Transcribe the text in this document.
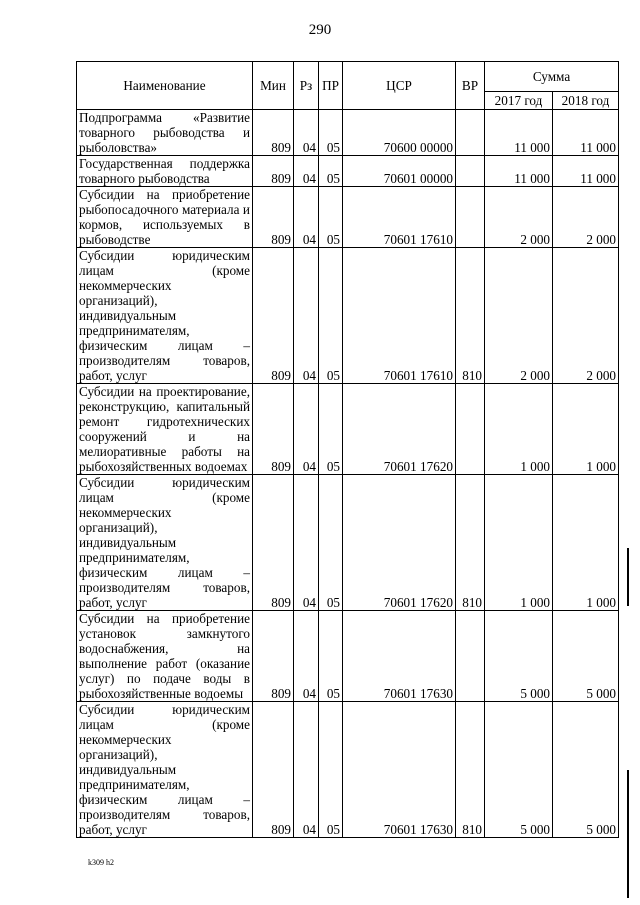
290
Наименование	Мин	Рз	ПР	ЦСР	ВР	Сумма	
						2017 год	2018 год
Подпрограмма «Развитие товарного рыбоводства и рыболовства»	809	04	05	70600 00000		11 000	11 000
Государственная поддержка товарного рыбоводства	809	04	05	70601 00000		11 000	11 000
Субсидии на приобретение рыбопосадочного материала и кормов, используемых в рыбоводстве	809	04	05	70601 17610		2 000	2 000
Субсидии юридическим лицам (кроме некоммерческих организаций), индивидуальным предпринимателям, физическим лицам – производителям товаров, работ, услуг	809	04	05	70601 17610	810	2 000	2 000
Субсидии на проектирование, реконструкцию, капитальный ремонт гидротехнических сооружений и на мелиоративные работы на рыбохозяйственных водоемах	809	04	05	70601 17620		1 000	1 000
Субсидии юридическим лицам (кроме некоммерческих организаций), индивидуальным предпринимателям, физическим лицам – производителям товаров, работ, услуг	809	04	05	70601 17620	810	1 000	1 000
Субсидии на приобретение установок замкнутого водоснабжения, на выполнение работ (оказание услуг) по подаче воды в рыбохозяйственные водоемы	809	04	05	70601 17630		5 000	5 000
Субсидии юридическим лицам (кроме некоммерческих организаций), индивидуальным предпринимателям, физическим лицам – производителям товаров, работ, услуг	809	04	05	70601 17630	810	5 000	5 000
k309 h2
